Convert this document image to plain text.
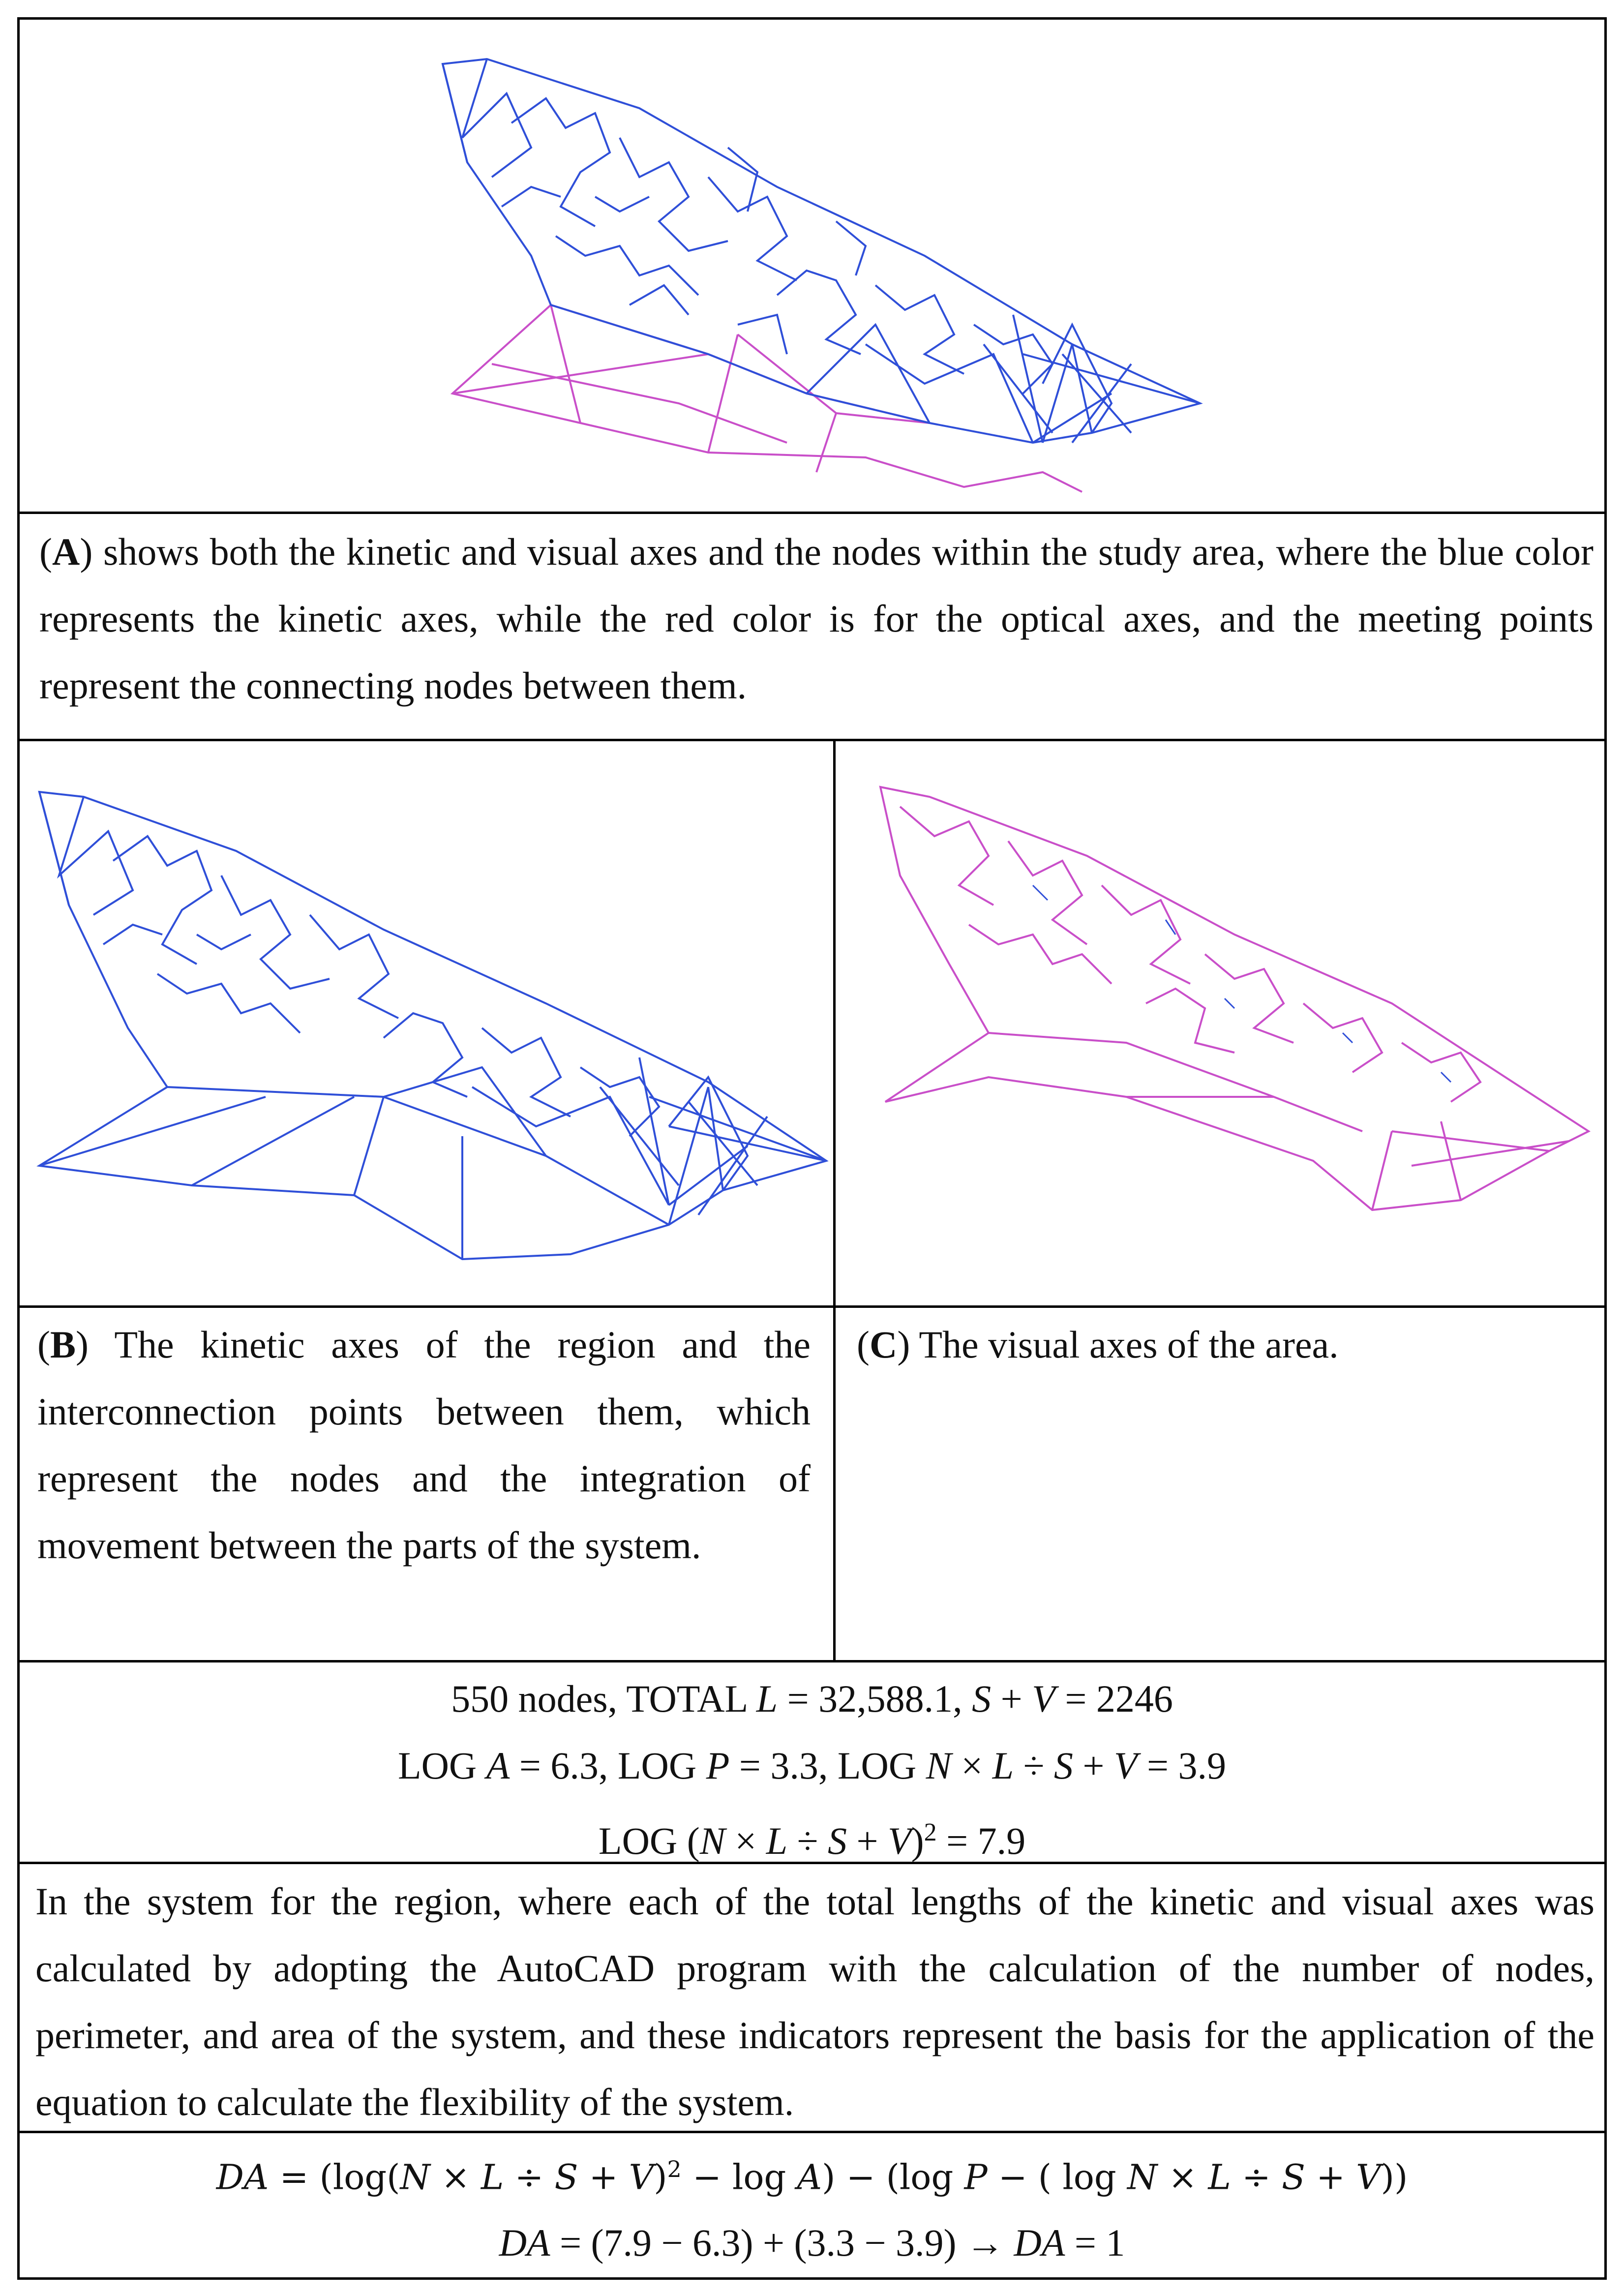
(A) shows both the kinetic and visual axes and the nodes within the study area, where the blue color represents the kinetic axes, while the red color is for the optical axes, and the meeting points represent the connecting nodes between them.
(B) The kinetic axes of the region and the interconnection points between them, which represent the nodes and the integration of movement between the parts of the system.
(C) The visual axes of the area.
550 nodes, TOTAL L = 32,588.1, S + V = 2246
LOG A = 6.3, LOG P = 3.3, LOG N × L ÷ S + V = 3.9
LOG $(N \times L \div S + V)^2 = 7.9$
In the system for the region, where each of the total lengths of the kinetic and visual axes was calculated by adopting the AutoCAD program with the calculation of the number of nodes, perimeter, and area of the system, and these indicators represent the basis for the application of the equation to calculate the flexibility of the system.
DA = $(\log(N \times L \div S + V)^2 - \log A) - (\log$ P − ( log N × L ÷ S + V))
DA = (7.9 − 6.3) + (3.3 − 3.9) → DA = 1
